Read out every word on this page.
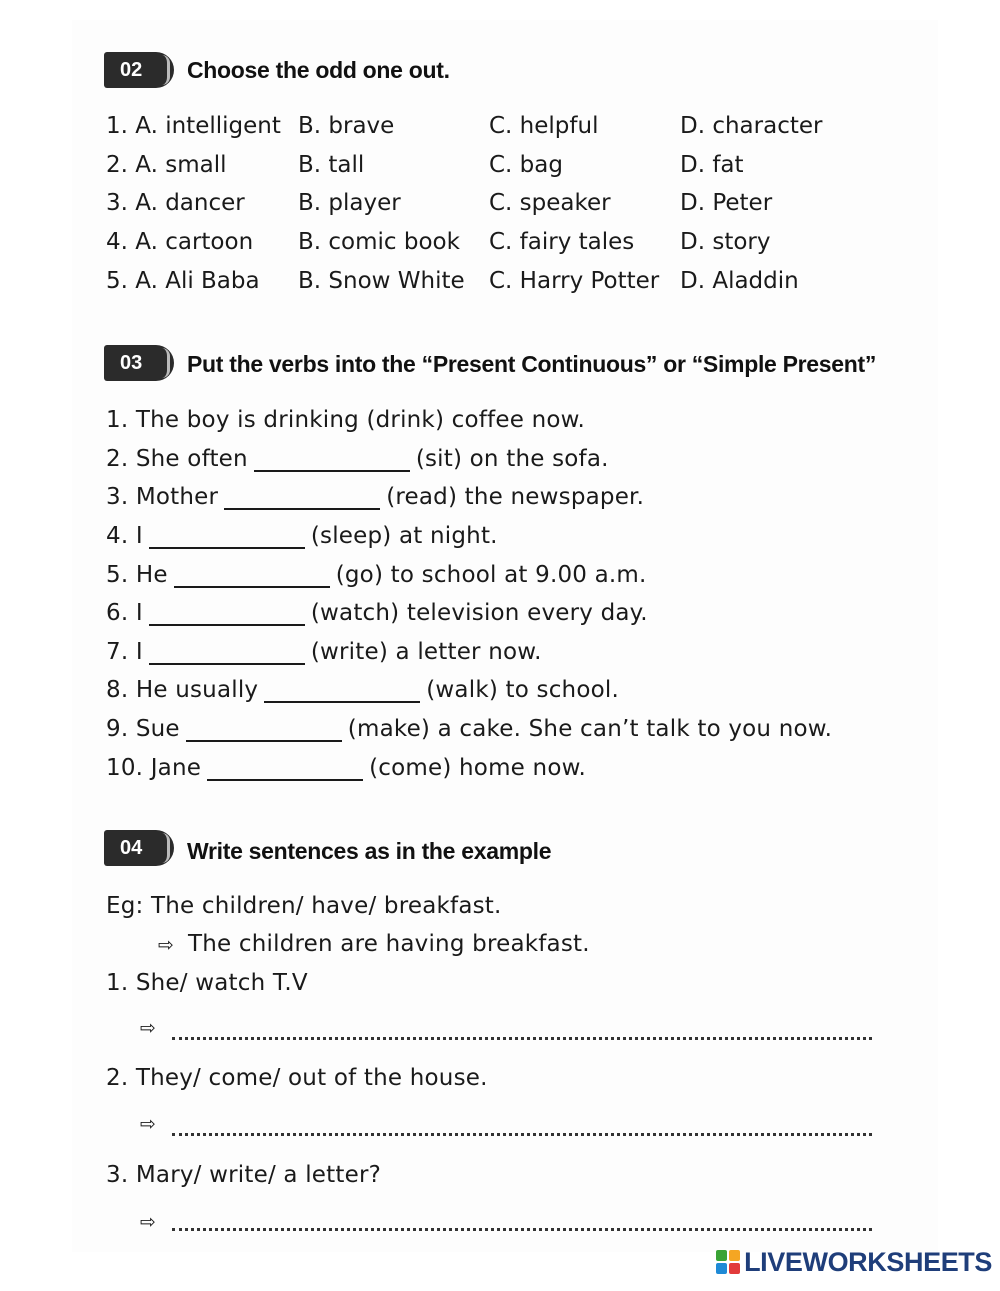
02	Choose the odd one out.
1. A. intelligent B. brave	C. helpful	D. character
2. A. small	B. tall	C. bag	D. fat
3. A. dancer B. player	C. speaker	D. Peter
4. A. cartoon B. comic book C. fairy tales D. story
5. A. Ali Baba B. Snow White C. Harry Potter D. Aladdin
03	Put the verbs into the “Present Continuous” or “Simple Present”
1. The boy is drinking (drink) coffee now.
2. She often	(sit) on the sofa.
3. Mother	(read) the newspaper.
4. I	(sleep) at night.
5. He	(go) to school at 9.00 a.m.
6. I	(watch) television every day.
7. I	(write) a letter now.
8. He usually	(walk) to school.
9. Sue	(make) a cake. She can’t talk to you now.
10. Jane	(come) home now.
04	Write sentences as in the example
Eg: The children/ have/ breakfast.
⇨ The children are having breakfast.
1. She/ watch T.V
⇨
2. They/ come/ out of the house.
⇨
3. Mary/ write/ a letter?
⇨
LIVEWORKSHEETS
